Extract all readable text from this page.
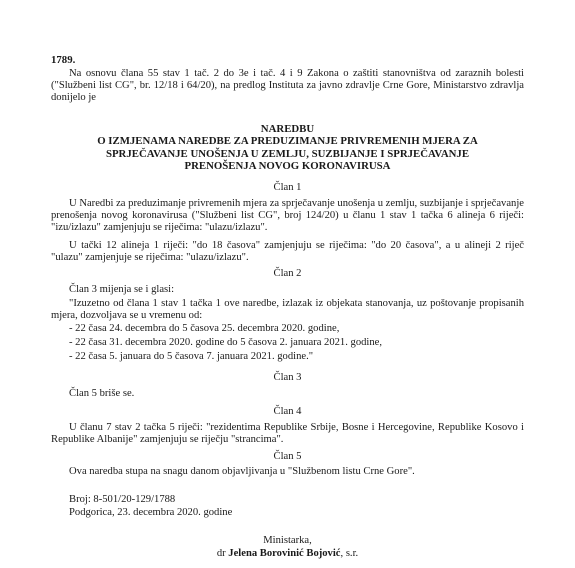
1789.
Na osnovu člana 55 stav 1 tač. 2 do 3e i tač. 4 i 9 Zakona o zaštiti stanovništva od zaraznih bolesti ("Službeni list CG", br. 12/18 i 64/20), na predlog Instituta za javno zdravlje Crne Gore, Ministarstvo zdravlja donijelo je
NAREDBU
O IZMJENAMA NAREDBE ZA PREDUZIMANJE PRIVREMENIH MJERA ZA
SPRJEČAVANJE UNOŠENJA U ZEMLJU, SUZBIJANJE I SPRJEČAVANJE
PRENOŠENJA NOVOG KORONAVIRUSA
Član 1
U Naredbi za preduzimanje privremenih mjera za sprječavanje unošenja u zemlju, suzbijanje i sprječavanje prenošenja novog koronavirusa ("Službeni list CG", broj 124/20) u članu 1 stav 1 tačka 6 alineja 6 riječi: "izu/izlazu" zamjenjuju se riječima: "ulazu/izlazu".
U tački 12 alineja 1 riječi: "do 18 časova" zamjenjuju se riječima: "do 20 časova", a u alineji 2 riječ "ulazu" zamjenjuje se riječima: "ulazu/izlazu".
Član 2
Član 3 mijenja se i glasi:
"Izuzetno od člana 1 stav 1 tačka 1 ove naredbe, izlazak iz objekata stanovanja, uz poštovanje propisanih mjera, dozvoljava se u vremenu od:
- 22 časa 24. decembra do 5 časova 25. decembra 2020. godine,
- 22 časa 31. decembra 2020. godine do 5 časova 2. januara 2021. godine,
- 22 časa 5. januara do 5 časova 7. januara 2021. godine."
Član 3
Član 5 briše se.
Član 4
U članu 7 stav 2 tačka 5 riječi: "rezidentima Republike Srbije, Bosne i Hercegovine, Republike Kosovo i Republike Albanije" zamjenjuju se riječju "strancima".
Član 5
Ova naredba stupa na snagu danom objavljivanja u "Službenom listu Crne Gore".
Broj: 8-501/20-129/1788
Podgorica, 23. decembra 2020. godine
Ministarka,
dr Jelena Borovinić Bojović, s.r.
